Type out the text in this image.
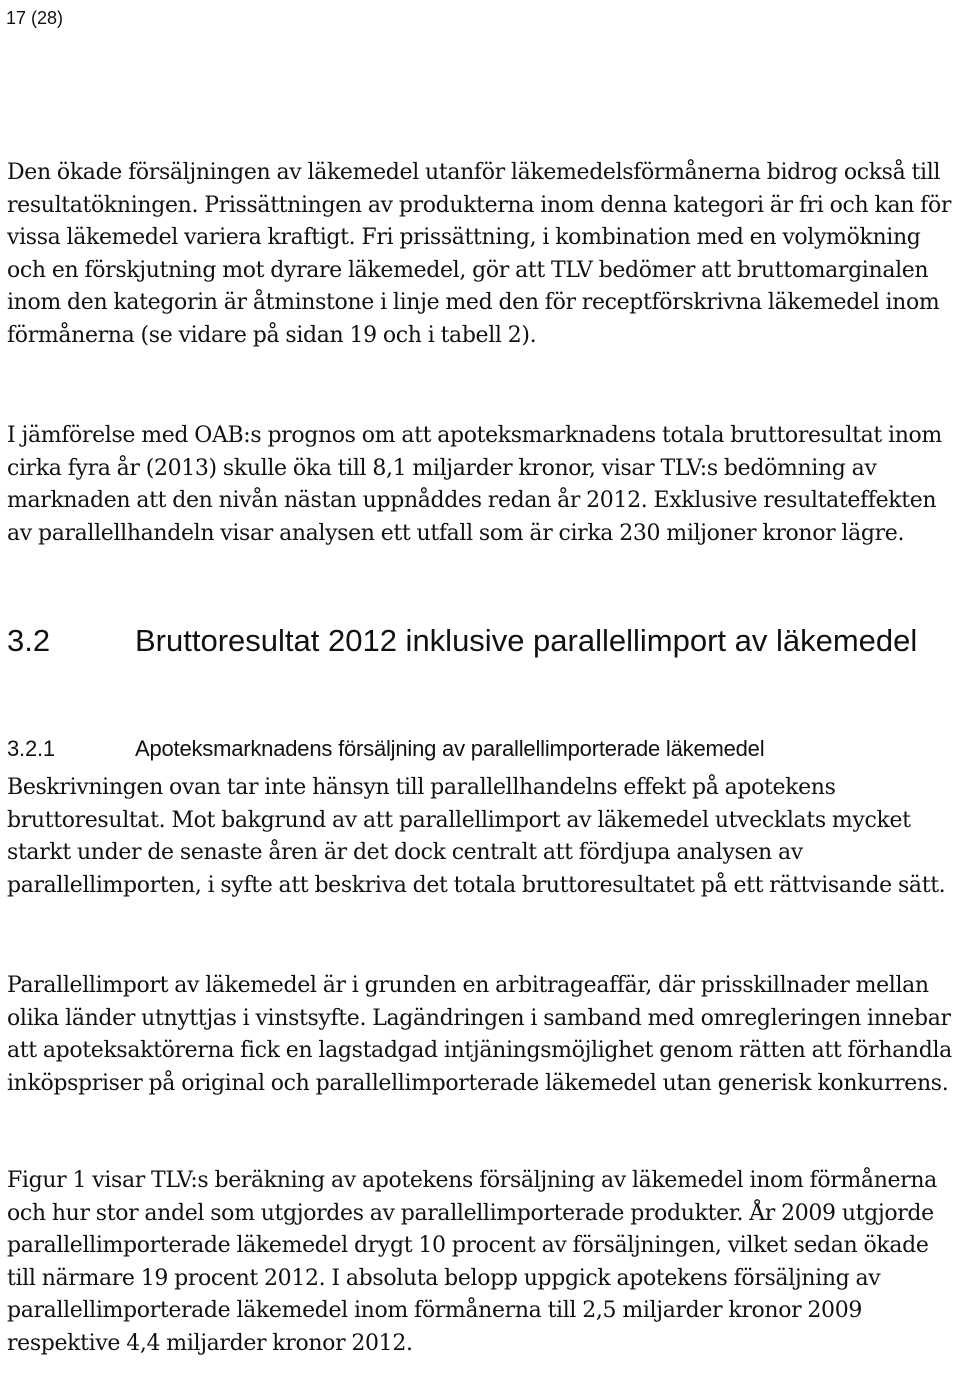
17 (28)

Den ökade försäljningen av läkemedel utanför läkemedelsförmånerna bidrog också till resultatökningen. Prissättningen av produkterna inom denna kategori är fri och kan för vissa läkemedel variera kraftigt. Fri prissättning, i kombination med en volymökning och en förskjutning mot dyrare läkemedel, gör att TLV bedömer att bruttomarginalen inom den kategorin är åtminstone i linje med den för receptförskrivna läkemedel inom förmånerna (se vidare på sidan 19 och i tabell 2).

I jämförelse med OAB:s prognos om att apoteksmarknadens totala bruttoresultat inom cirka fyra år (2013) skulle öka till 8,1 miljarder kronor, visar TLV:s bedömning av marknaden att den nivån nästan uppnåddes redan år 2012. Exklusive resultateffekten av parallellhandeln visar analysen ett utfall som är cirka 230 miljoner kronor lägre.

3.2	Bruttoresultat 2012 inklusive parallellimport av läkemedel
3.2.1	Apoteksmarknadens försäljning av parallellimporterade läkemedel

Beskrivningen ovan tar inte hänsyn till parallellhandelns effekt på apotekens bruttoresultat. Mot bakgrund av att parallellimport av läkemedel utvecklats mycket starkt under de senaste åren är det dock centralt att fördjupa analysen av parallellimporten, i syfte att beskriva det totala bruttoresultatet på ett rättvisande sätt.

Parallellimport av läkemedel är i grunden en arbitrageaffär, där prisskillnader mellan olika länder utnyttjas i vinstsyfte. Lagändringen i samband med omregleringen innebar att apoteksaktörerna fick en lagstadgad intjäningsmöjlighet genom rätten att förhandla inköpspriser på original och parallellimporterade läkemedel utan generisk konkurrens.

Figur 1 visar TLV:s beräkning av apotekens försäljning av läkemedel inom förmånerna och hur stor andel som utgjordes av parallellimporterade produkter. År 2009 utgjorde parallellimporterade läkemedel drygt 10 procent av försäljningen, vilket sedan ökade till närmare 19 procent 2012. I absoluta belopp uppgick apotekens försäljning av parallellimporterade läkemedel inom förmånerna till 2,5 miljarder kronor 2009 respektive 4,4 miljarder kronor 2012.
